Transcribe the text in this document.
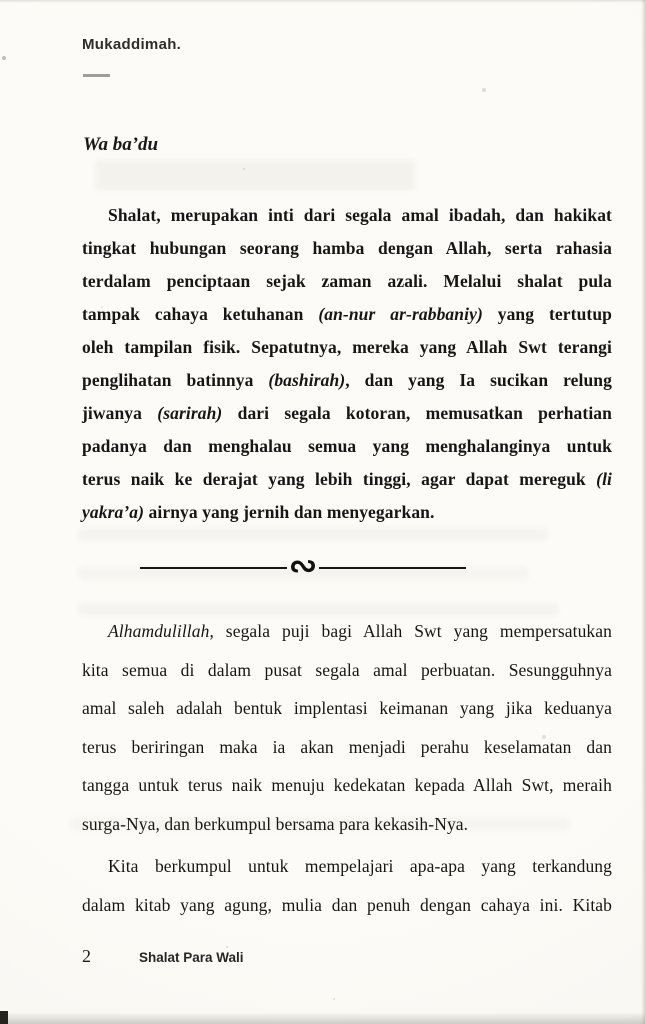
Mukaddimah.
Wa ba’du
Shalat, merupakan inti dari segala amal ibadah, dan hakikat
tingkat hubungan seorang hamba dengan Allah, serta rahasia
terdalam penciptaan sejak zaman azali. Melalui shalat pula
tampak cahaya ketuhanan (an-nur ar-rabbaniy) yang tertutup
oleh tampilan fisik. Sepatutnya, mereka yang Allah Swt terangi
penglihatan batinnya (bashirah), dan yang Ia sucikan relung
jiwanya (sarirah) dari segala kotoran, memusatkan perhatian
padanya dan menghalau semua yang menghalanginya untuk
terus naik ke derajat yang lebih tinggi, agar dapat mereguk (li
yakra’a) airnya yang jernih dan menyegarkan.
∾
Alhamdulillah, segala puji bagi Allah Swt yang mempersatukan
kita semua di dalam pusat segala amal perbuatan. Sesungguhnya
amal saleh adalah bentuk implentasi keimanan yang jika keduanya
terus beriringan maka ia akan menjadi perahu keselamatan dan
tangga untuk terus naik menuju kedekatan kepada Allah Swt, meraih
surga-Nya, dan berkumpul bersama para kekasih-Nya.
Kita berkumpul untuk mempelajari apa-apa yang terkandung
dalam kitab yang agung, mulia dan penuh dengan cahaya ini. Kitab
2	Shalat Para Wali
